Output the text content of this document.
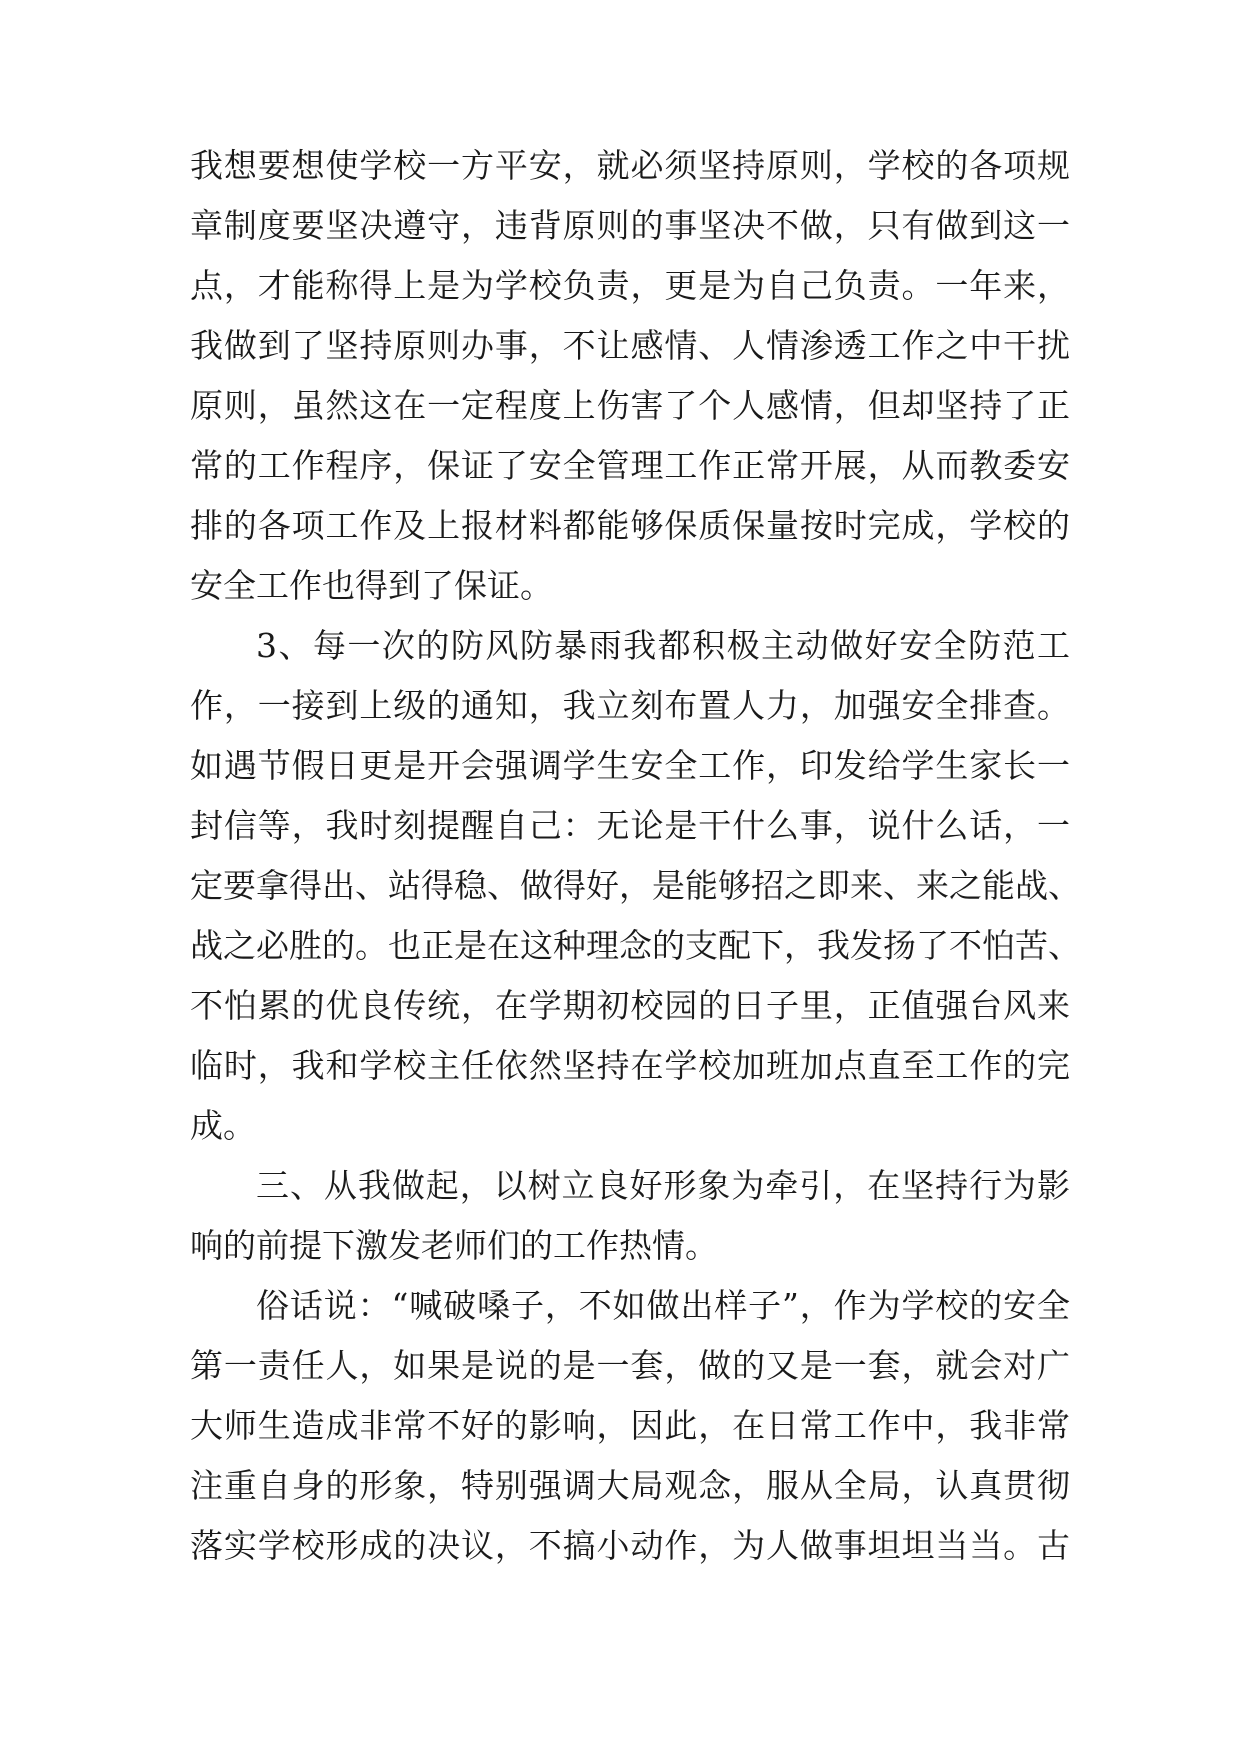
我想要想使学校一方平安，就必须坚持原则，学校的各项规
章制度要坚决遵守，违背原则的事坚决不做，只有做到这一
点，才能称得上是为学校负责，更是为自己负责。一年来，
我做到了坚持原则办事，不让感情、人情渗透工作之中干扰
原则，虽然这在一定程度上伤害了个人感情，但却坚持了正
常的工作程序，保证了安全管理工作正常开展，从而教委安
排的各项工作及上报材料都能够保质保量按时完成，学校的
安全工作也得到了保证。
3、每一次的防风防暴雨我都积极主动做好安全防范工
作，一接到上级的通知，我立刻布置人力，加强安全排查。
如遇节假日更是开会强调学生安全工作，印发给学生家长一
封信等，我时刻提醒自己：无论是干什么事，说什么话，一
定要拿得出、站得稳、做得好，是能够招之即来、来之能战、
战之必胜的。也正是在这种理念的支配下，我发扬了不怕苦、
不怕累的优良传统，在学期初校园的日子里，正值强台风来
临时，我和学校主任依然坚持在学校加班加点直至工作的完
成。
三、从我做起，以树立良好形象为牵引，在坚持行为影
响的前提下激发老师们的工作热情。
俗话说：“喊破嗓子，不如做出样子”，作为学校的安全
第一责任人，如果是说的是一套，做的又是一套，就会对广
大师生造成非常不好的影响，因此，在日常工作中，我非常
注重自身的形象，特别强调大局观念，服从全局，认真贯彻
落实学校形成的决议，不搞小动作，为人做事坦坦当当。古
